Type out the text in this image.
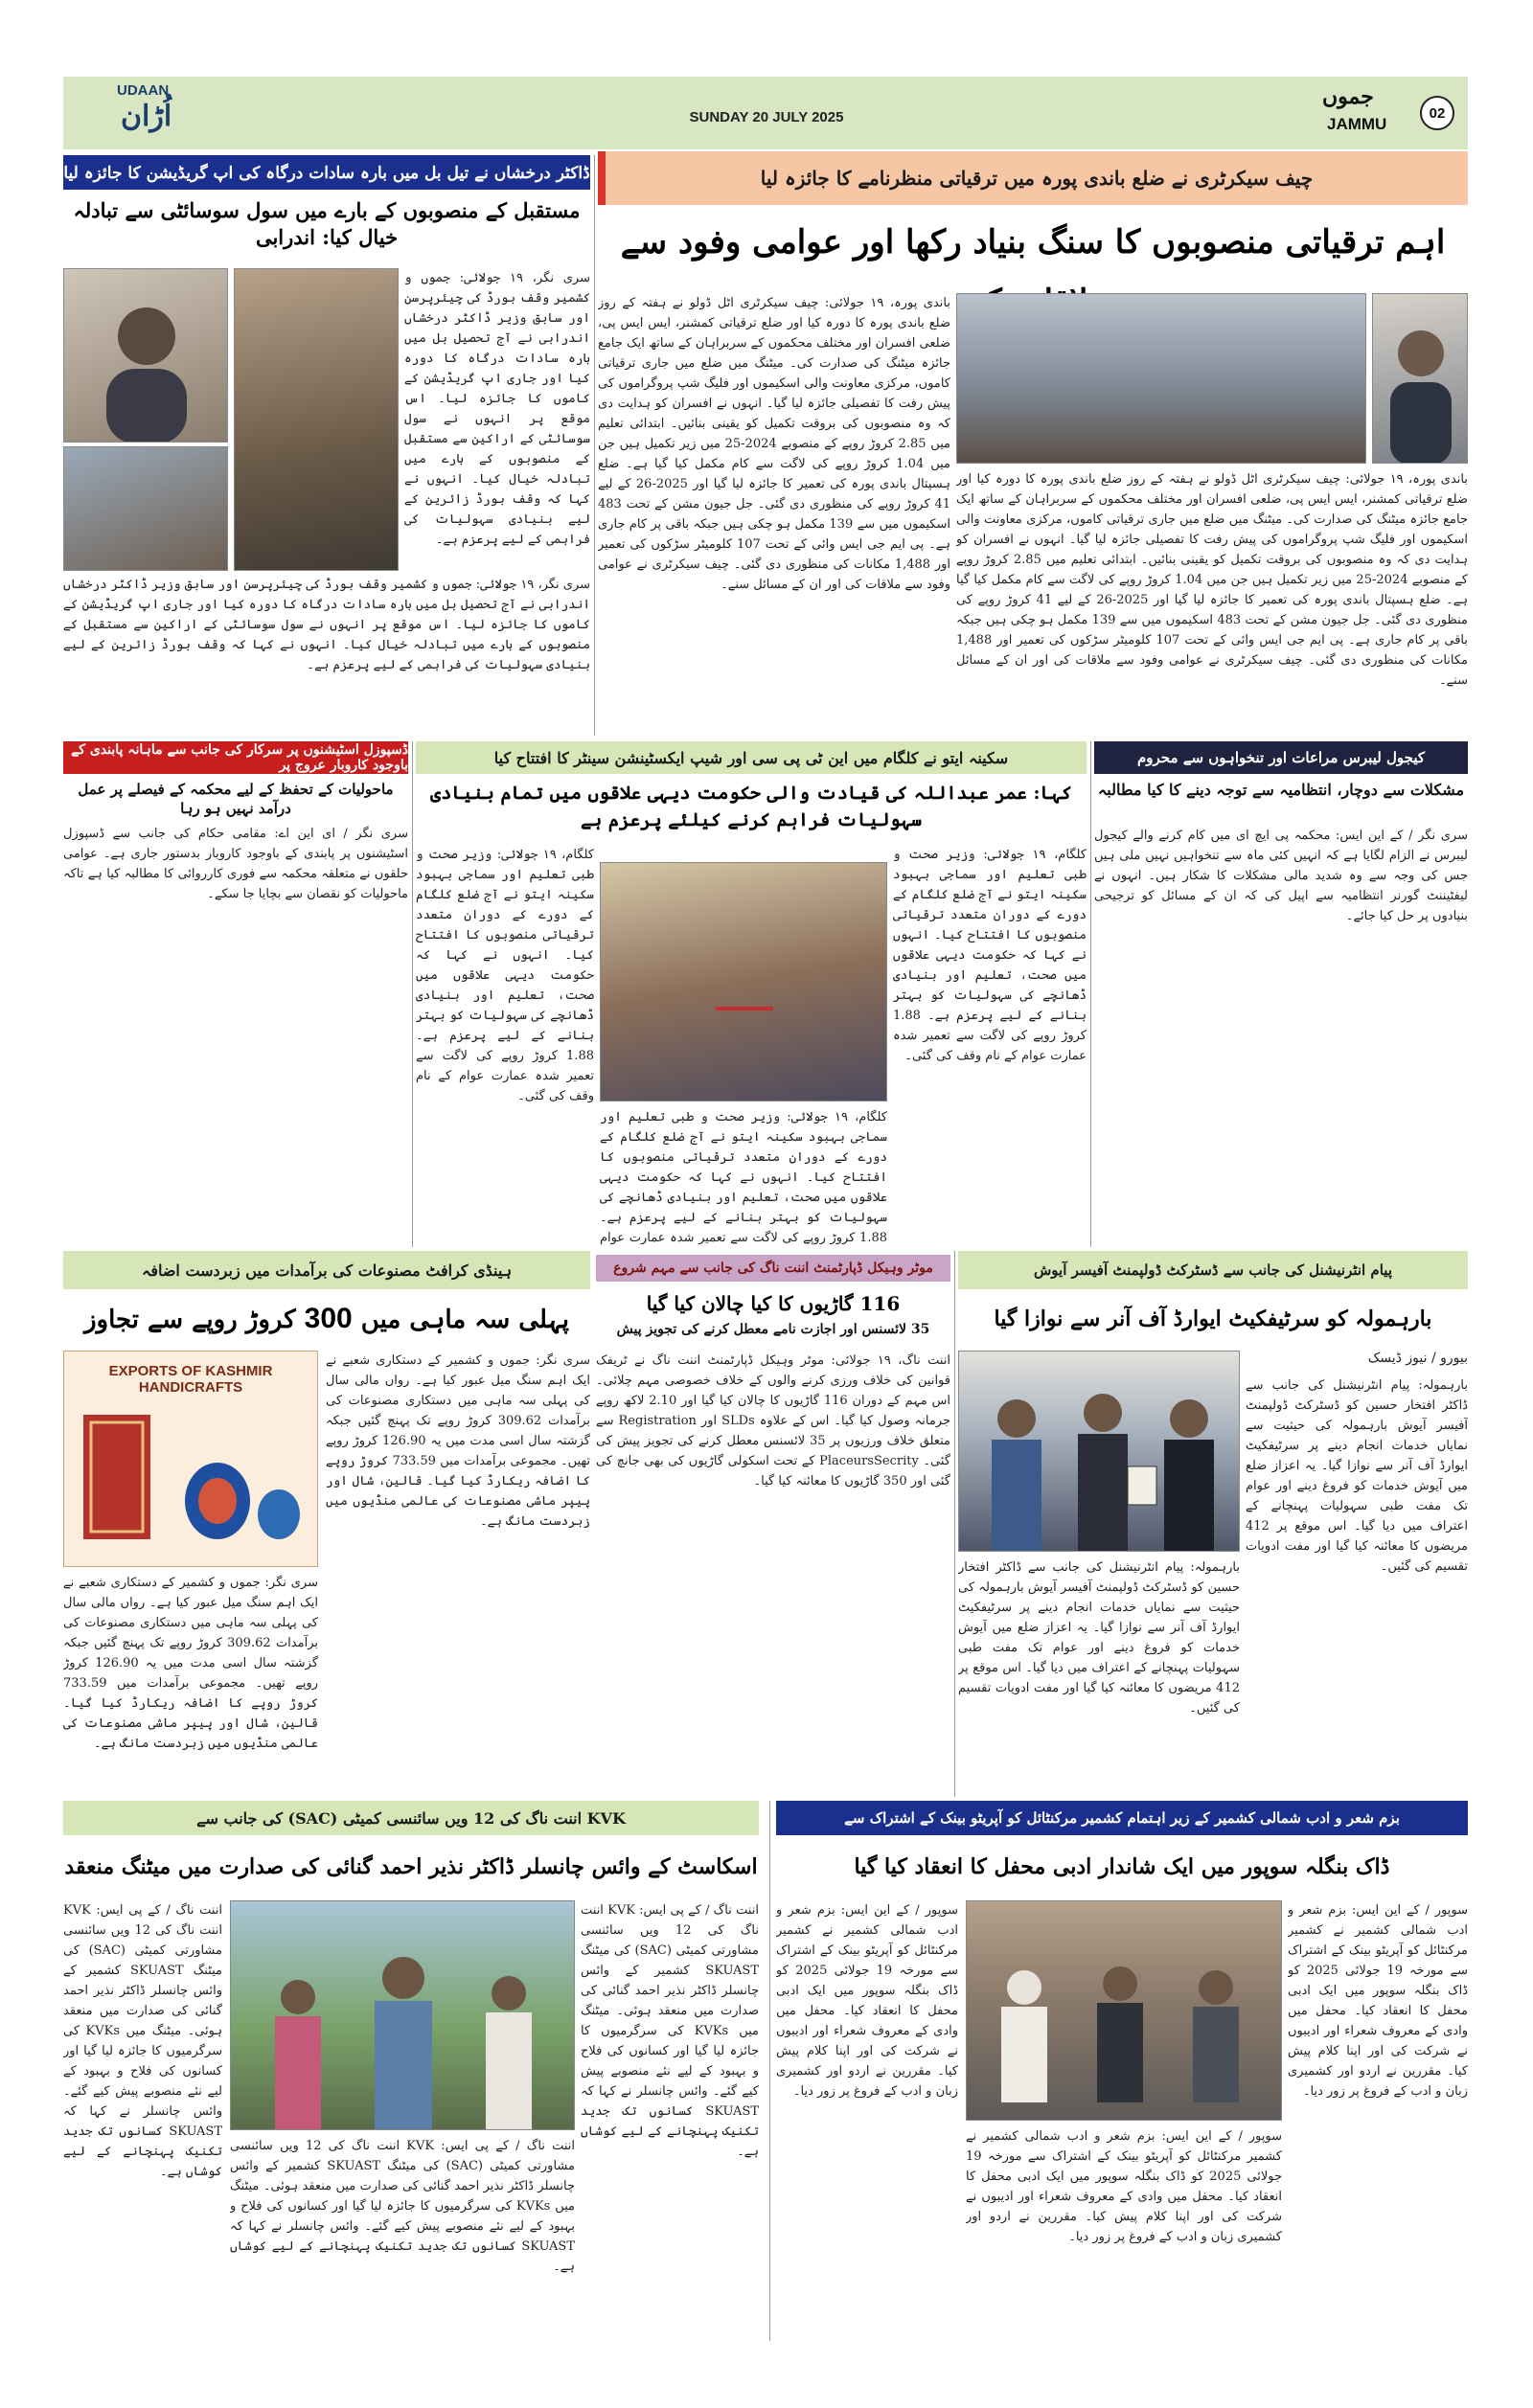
UDAAN
اُڑان	SUNDAY 20 JULY 2025
جموں
JAMMU
02
ڈاکٹر درخشاں نے تیل بل میں بارہ سادات درگاہ کی اپ گریڈیشن کا جائزہ لیا
مستقبل کے منصوبوں کے بارے میں سول سوسائٹی سے تبادلہ خیال کیا: اندرابی
سری نگر، ۱۹ جولائی: جموں و کشمیر وقف بورڈ کی چیئرپرسن اور سابق وزیر ڈاکٹر درخشاں اندرابی نے آج تحصیل بل میں بارہ سادات درگاہ کا دورہ کیا اور جاری اپ گریڈیشن کے کاموں کا جائزہ لیا۔ اس موقع پر انہوں نے سول سوسائٹی کے اراکین سے مستقبل کے منصوبوں کے بارے میں تبادلہ خیال کیا۔ انہوں نے کہا کہ وقف بورڈ زائرین کے لیے بنیادی سہولیات کی فراہمی کے لیے پرعزم ہے۔
سری نگر، ۱۹ جولائی: جموں و کشمیر وقف بورڈ کی چیئرپرسن اور سابق وزیر ڈاکٹر درخشاں اندرابی نے آج تحصیل بل میں بارہ سادات درگاہ کا دورہ کیا اور جاری اپ گریڈیشن کے کاموں کا جائزہ لیا۔ اس موقع پر انہوں نے سول سوسائٹی کے اراکین سے مستقبل کے منصوبوں کے بارے میں تبادلہ خیال کیا۔ انہوں نے کہا کہ وقف بورڈ زائرین کے لیے بنیادی سہولیات کی فراہمی کے لیے پرعزم ہے۔
چیف سیکرٹری نے ضلع باندی پورہ میں ترقیاتی منظرنامے کا جائزہ لیا
اہم ترقیاتی منصوبوں کا سنگ بنیاد رکھا اور عوامی وفود سے
باندی پورہ، ۱۹ جولائی: چیف سیکرٹری اٹل ڈولو نے ہفتہ کے روز ضلع باندی پورہ کا دورہ کیا اور ضلع ترقیاتی کمشنر، ایس ایس پی، ضلعی افسران اور مختلف محکموں کے سربراہان کے ساتھ ایک جامع جائزہ میٹنگ کی صدارت کی۔ میٹنگ میں ضلع میں جاری ترقیاتی کاموں، مرکزی معاونت والی اسکیموں اور فلیگ شپ پروگراموں کی پیش رفت کا تفصیلی جائزہ لیا گیا۔ انہوں نے افسران کو ہدایت دی کہ وہ منصوبوں کی بروقت تکمیل کو یقینی بنائیں۔ ابتدائی تعلیم میں 2.85 کروڑ روپے کے منصوبے 2024-25 میں زیر تکمیل ہیں جن میں 1.04 کروڑ روپے کی لاگت سے کام مکمل کیا گیا ہے۔ ضلع ہسپتال باندی پورہ کی تعمیر کا جائزہ لیا گیا اور 2025-26 کے لیے 41 کروڑ روپے کی منظوری دی گئی۔ جل جیون مشن کے تحت 483 اسکیموں میں سے 139 مکمل ہو چکی ہیں جبکہ باقی پر کام جاری ہے۔ پی ایم جی ایس وائی کے تحت 107 کلومیٹر سڑکوں کی تعمیر اور 1,488 مکانات کی منظوری دی گئی۔ چیف سیکرٹری نے عوامی وفود سے ملاقات کی اور ان کے مسائل سنے۔
باندی پورہ، ۱۹ جولائی: چیف سیکرٹری اٹل ڈولو نے ہفتہ کے روز ضلع باندی پورہ کا دورہ کیا اور ضلع ترقیاتی کمشنر، ایس ایس پی، ضلعی افسران اور مختلف محکموں کے سربراہان کے ساتھ ایک جامع جائزہ میٹنگ کی صدارت کی۔ میٹنگ میں ضلع میں جاری ترقیاتی کاموں، مرکزی معاونت والی اسکیموں اور فلیگ شپ پروگراموں کی پیش رفت کا تفصیلی جائزہ لیا گیا۔ انہوں نے افسران کو ہدایت دی کہ وہ منصوبوں کی بروقت تکمیل کو یقینی بنائیں۔ ابتدائی تعلیم میں 2.85 کروڑ روپے کے منصوبے 2024-25 میں زیر تکمیل ہیں جن میں 1.04 کروڑ روپے کی لاگت سے کام مکمل کیا گیا ہے۔ ضلع ہسپتال باندی پورہ کی تعمیر کا جائزہ لیا گیا اور 2025-26 کے لیے 41 کروڑ روپے کی منظوری دی گئی۔ جل جیون مشن کے تحت 483 اسکیموں میں سے 139 مکمل ہو چکی ہیں جبکہ باقی پر کام جاری ہے۔ پی ایم جی ایس وائی کے تحت 107 کلومیٹر سڑکوں کی تعمیر اور 1,488 مکانات کی منظوری دی گئی۔ چیف سیکرٹری نے عوامی وفود سے ملاقات کی اور ان کے مسائل سنے۔
ڈسپوزل اسٹیشنوں پر سرکار کی جانب سے ماہانہ پابندی کے باوجود کاروبار عروج پر
ماحولیات کے تحفظ کے لیے محکمہ کے فیصلے پر عمل درآمد نہیں ہو رہا
سری نگر / ای این اے: مقامی حکام کی جانب سے ڈسپوزل اسٹیشنوں پر پابندی کے باوجود کاروبار بدستور جاری ہے۔ عوامی حلقوں نے متعلقہ محکمہ سے فوری کارروائی کا مطالبہ کیا ہے تاکہ ماحولیات کو نقصان سے بچایا جا سکے۔
سکینہ ایتو نے کلگام میں این ٹی پی سی اور شیپ ایکسٹینشن سینٹر کا افتتاح کیا
کہا: عمر عبداللہ کی قیادت والی حکومت دیہی علاقوں میں تمام بنیادی سہولیات فراہم کرنے کیلئے پرعزم ہے
کلگام، ۱۹ جولائی: وزیر صحت و طبی تعلیم اور سماجی بہبود سکینہ ایتو نے آج ضلع کلگام کے دورے کے دوران متعدد ترقیاتی منصوبوں کا افتتاح کیا۔ انہوں نے کہا کہ حکومت دیہی علاقوں میں صحت، تعلیم اور بنیادی ڈھانچے کی سہولیات کو بہتر بنانے کے لیے پرعزم ہے۔ 1.88 کروڑ روپے کی لاگت سے تعمیر شدہ عمارت عوام کے نام وقف کی گئی۔
کلگام، ۱۹ جولائی: وزیر صحت و طبی تعلیم اور سماجی بہبود سکینہ ایتو نے آج ضلع کلگام کے دورے کے دوران متعدد ترقیاتی منصوبوں کا افتتاح کیا۔ انہوں نے کہا کہ حکومت دیہی علاقوں میں صحت، تعلیم اور بنیادی ڈھانچے کی سہولیات کو بہتر بنانے کے لیے پرعزم ہے۔ 1.88 کروڑ روپے کی لاگت سے تعمیر شدہ عمارت عوام کے نام وقف کی گئی۔
کلگام، ۱۹ جولائی: وزیر صحت و طبی تعلیم اور سماجی بہبود سکینہ ایتو نے آج ضلع کلگام کے دورے کے دوران متعدد ترقیاتی منصوبوں کا افتتاح کیا۔ انہوں نے کہا کہ حکومت دیہی علاقوں میں صحت، تعلیم اور بنیادی ڈھانچے کی سہولیات کو بہتر بنانے کے لیے پرعزم ہے۔ 1.88 کروڑ روپے کی لاگت سے تعمیر شدہ عمارت عوام
کیجول لیبرس مراعات اور تنخواہوں سے محروم
مشکلات سے دوچار، انتظامیہ سے توجہ دینے کا کیا مطالبہ
سری نگر / کے این ایس: محکمہ پی ایچ ای میں کام کرنے والے کیجول لیبرس نے الزام لگایا ہے کہ انہیں کئی ماہ سے تنخواہیں نہیں ملی ہیں جس کی وجہ سے وہ شدید مالی مشکلات کا شکار ہیں۔ انہوں نے لیفٹیننٹ گورنر انتظامیہ سے اپیل کی کہ ان کے مسائل کو ترجیحی بنیادوں پر حل کیا جائے۔
ہینڈی کرافٹ مصنوعات کی برآمدات میں زبردست اضافہ
پہلی سہ ماہی میں 300 کروڑ روپے سے تجاوز
EXPORTS OF KASHMIR
HANDICRAFTS
سری نگر: جموں و کشمیر کے دستکاری شعبے نے ایک اہم سنگ میل عبور کیا ہے۔ رواں مالی سال کی پہلی سہ ماہی میں دستکاری مصنوعات کی برآمدات 309.62 کروڑ روپے تک پہنچ گئیں جبکہ گزشتہ سال اسی مدت میں یہ 126.90 کروڑ روپے تھیں۔ مجموعی برآمدات میں 733.59 کروڑ روپے کا اضافہ ریکارڈ کیا گیا۔ قالین، شال اور پیپر ماشی مصنوعات کی عالمی منڈیوں میں زبردست مانگ ہے۔
سری نگر: جموں و کشمیر کے دستکاری شعبے نے ایک اہم سنگ میل عبور کیا ہے۔ رواں مالی سال کی پہلی سہ ماہی میں دستکاری مصنوعات کی برآمدات 309.62 کروڑ روپے تک پہنچ گئیں جبکہ گزشتہ سال اسی مدت میں یہ 126.90 کروڑ روپے تھیں۔ مجموعی برآمدات میں 733.59 کروڑ روپے کا اضافہ ریکارڈ کیا گیا۔ قالین، شال اور پیپر ماشی مصنوعات کی عالمی منڈیوں میں زبردست مانگ ہے۔
موٹر وہیکل ڈپارٹمنٹ اننت ناگ کی جانب سے مہم شروع
116 گاڑیوں کا کیا چالان کیا گیا
35 لائسنس اور اجازت نامے معطل کرنے کی تجویز پیش
اننت ناگ، ۱۹ جولائی: موٹر وہیکل ڈپارٹمنٹ اننت ناگ نے ٹریفک قوانین کی خلاف ورزی کرنے والوں کے خلاف خصوصی مہم چلائی۔ اس مہم کے دوران 116 گاڑیوں کا چالان کیا گیا اور 2.10 لاکھ روپے جرمانہ وصول کیا گیا۔ اس کے علاوہ SLDs اور Registration سے متعلق خلاف ورزیوں پر 35 لائسنس معطل کرنے کی تجویز پیش کی گئی۔ PlaceursSecrity کے تحت اسکولی گاڑیوں کی بھی جانچ کی گئی اور 350 گاڑیوں کا معائنہ کیا گیا۔
پیام انٹرنیشنل کی جانب سے ڈسٹرکٹ ڈولپمنٹ آفیسر آیوش
بارہمولہ کو سرٹیفکیٹ ایوارڈ آف آنر سے نوازا گیا
بیورو / نیوز ڈیسک
بارہمولہ: پیام انٹرنیشنل کی جانب سے ڈاکٹر افتخار حسین کو ڈسٹرکٹ ڈولپمنٹ آفیسر آیوش بارہمولہ کی حیثیت سے نمایاں خدمات انجام دینے پر سرٹیفکیٹ ایوارڈ آف آنر سے نوازا گیا۔ یہ اعزاز ضلع میں آیوش خدمات کو فروغ دینے اور عوام تک مفت طبی سہولیات پہنچانے کے اعتراف میں دیا گیا۔ اس موقع پر 412 مریضوں کا معائنہ کیا گیا اور مفت ادویات تقسیم کی گئیں۔
بارہمولہ: پیام انٹرنیشنل کی جانب سے ڈاکٹر افتخار حسین کو ڈسٹرکٹ ڈولپمنٹ آفیسر آیوش بارہمولہ کی حیثیت سے نمایاں خدمات انجام دینے پر سرٹیفکیٹ ایوارڈ آف آنر سے نوازا گیا۔ یہ اعزاز ضلع میں آیوش خدمات کو فروغ دینے اور عوام تک مفت طبی سہولیات پہنچانے کے اعتراف میں دیا گیا۔ اس موقع پر 412 مریضوں کا معائنہ کیا گیا اور مفت ادویات تقسیم کی گئیں۔
KVK اننت ناگ کی 12 ویں سائنسی کمیٹی (SAC) کی جانب سے
اسکاسٹ کے وائس چانسلر ڈاکٹر نذیر احمد گنائی کی صدارت میں میٹنگ منعقد
اننت ناگ / کے پی ایس: KVK اننت ناگ کی 12 ویں سائنسی مشاورتی کمیٹی (SAC) کی میٹنگ SKUAST کشمیر کے وائس چانسلر ڈاکٹر نذیر احمد گنائی کی صدارت میں منعقد ہوئی۔ میٹنگ میں KVKs کی سرگرمیوں کا جائزہ لیا گیا اور کسانوں کی فلاح و بہبود کے لیے نئے منصوبے پیش کیے گئے۔ وائس چانسلر نے کہا کہ SKUAST کسانوں تک جدید تکنیک پہنچانے کے لیے کوشاں ہے۔
اننت ناگ / کے پی ایس: KVK اننت ناگ کی 12 ویں سائنسی مشاورتی کمیٹی (SAC) کی میٹنگ SKUAST کشمیر کے وائس چانسلر ڈاکٹر نذیر احمد گنائی کی صدارت میں منعقد ہوئی۔ میٹنگ میں KVKs کی سرگرمیوں کا جائزہ لیا گیا اور کسانوں کی فلاح و بہبود کے لیے نئے منصوبے پیش کیے گئے۔ وائس چانسلر نے کہا کہ SKUAST کسانوں تک جدید تکنیک پہنچانے کے لیے کوشاں ہے۔
اننت ناگ / کے پی ایس: KVK اننت ناگ کی 12 ویں سائنسی مشاورتی کمیٹی (SAC) کی میٹنگ SKUAST کشمیر کے وائس چانسلر ڈاکٹر نذیر احمد گنائی کی صدارت میں منعقد ہوئی۔ میٹنگ میں KVKs کی سرگرمیوں کا جائزہ لیا گیا اور کسانوں کی فلاح و بہبود کے لیے نئے منصوبے پیش کیے گئے۔ وائس چانسلر نے کہا کہ SKUAST کسانوں تک جدید تکنیک پہنچانے کے لیے کوشاں ہے۔
بزم شعر و ادب شمالی کشمیر کے زیر اہتمام کشمیر مرکنٹائل کو آپریٹو بینک کے اشتراک سے
ڈاک بنگلہ سوپور میں ایک شاندار ادبی محفل کا انعقاد کیا گیا
سوپور / کے این ایس: بزم شعر و ادب شمالی کشمیر نے کشمیر مرکنٹائل کو آپریٹو بینک کے اشتراک سے مورخہ 19 جولائی 2025 کو ڈاک بنگلہ سوپور میں ایک ادبی محفل کا انعقاد کیا۔ محفل میں وادی کے معروف شعراء اور ادیبوں نے شرکت کی اور اپنا کلام پیش کیا۔ مقررین نے اردو اور کشمیری زبان و ادب کے فروغ پر زور دیا۔
سوپور / کے این ایس: بزم شعر و ادب شمالی کشمیر نے کشمیر مرکنٹائل کو آپریٹو بینک کے اشتراک سے مورخہ 19 جولائی 2025 کو ڈاک بنگلہ سوپور میں ایک ادبی محفل کا انعقاد کیا۔ محفل میں وادی کے معروف شعراء اور ادیبوں نے شرکت کی اور اپنا کلام پیش کیا۔ مقررین نے اردو اور کشمیری زبان و ادب کے فروغ پر زور دیا۔
سوپور / کے این ایس: بزم شعر و ادب شمالی کشمیر نے کشمیر مرکنٹائل کو آپریٹو بینک کے اشتراک سے مورخہ 19 جولائی 2025 کو ڈاک بنگلہ سوپور میں ایک ادبی محفل کا انعقاد کیا۔ محفل میں وادی کے معروف شعراء اور ادیبوں نے شرکت کی اور اپنا کلام پیش کیا۔ مقررین نے اردو اور کشمیری زبان و ادب کے فروغ پر زور دیا۔
